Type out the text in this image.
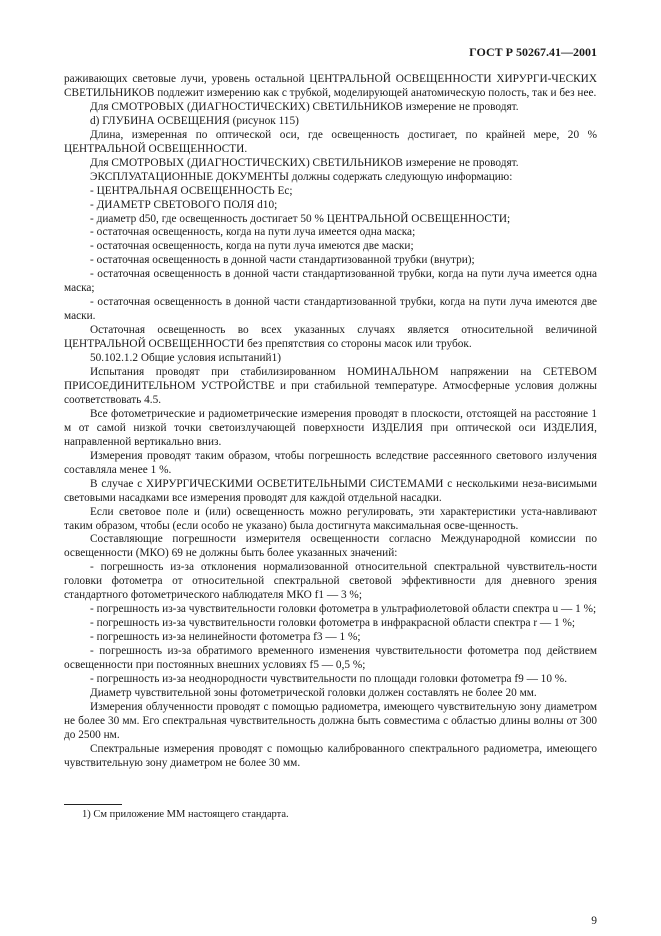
ГОСТ Р 50267.41—2001

раживающих световые лучи, уровень остальной ЦЕНТРАЛЬНОЙ ОСВЕЩЕННОСТИ ХИРУРГИ-ЧЕСКИХ СВЕТИЛЬНИКОВ подлежит измерению как с трубкой, моделирующей анатомическую полость, так и без нее.

Для СМОТРОВЫХ (ДИАГНОСТИЧЕСКИХ) СВЕТИЛЬНИКОВ измерение не проводят.

d) ГЛУБИНА ОСВЕЩЕНИЯ (рисунок 115)

Длина, измеренная по оптической оси, где освещенность достигает, по крайней мере, 20 % ЦЕНТРАЛЬНОЙ ОСВЕЩЕННОСТИ.

Для СМОТРОВЫХ (ДИАГНОСТИЧЕСКИХ) СВЕТИЛЬНИКОВ измерение не проводят.

ЭКСПЛУАТАЦИОННЫЕ ДОКУМЕНТЫ должны содержать следующую информацию:

- ЦЕНТРАЛЬНАЯ ОСВЕЩЕННОСТЬ Ec;

- ДИАМЕТР СВЕТОВОГО ПОЛЯ d10;

- диаметр d50, где освещенность достигает 50 % ЦЕНТРАЛЬНОЙ ОСВЕЩЕННОСТИ;

- остаточная освещенность, когда на пути луча имеется одна маска;

- остаточная освещенность, когда на пути луча имеются две маски;

- остаточная освещенность в донной части стандартизованной трубки (внутри);

- остаточная освещенность в донной части стандартизованной трубки, когда на пути луча имеется одна маска;

- остаточная освещенность в донной части стандартизованной трубки, когда на пути луча имеются две маски.

Остаточная освещенность во всех указанных случаях является относительной величиной ЦЕНТРАЛЬНОЙ ОСВЕЩЕННОСТИ без препятствия со стороны масок или трубок.

50.102.1.2 Общие условия испытаний1)

Испытания проводят при стабилизированном НОМИНАЛЬНОМ напряжении на СЕТЕВОМ ПРИСОЕДИНИТЕЛЬНОМ УСТРОЙСТВЕ и при стабильной температуре. Атмосферные условия должны соответствовать 4.5.

Все фотометрические и радиометрические измерения проводят в плоскости, отстоящей на расстояние 1 м от самой низкой точки светоизлучающей поверхности ИЗДЕЛИЯ при оптической оси ИЗДЕЛИЯ, направленной вертикально вниз.

Измерения проводят таким образом, чтобы погрешность вследствие рассеянного светового излучения составляла менее 1 %.

В случае с ХИРУРГИЧЕСКИМИ ОСВЕТИТЕЛЬНЫМИ СИСТЕМАМИ с несколькими неза-висимыми световыми насадками все измерения проводят для каждой отдельной насадки.

Если световое поле и (или) освещенность можно регулировать, эти характеристики уста-навливают таким образом, чтобы (если особо не указано) была достигнута максимальная осве-щенность.

Составляющие погрешности измерителя освещенности согласно Международной комиссии по освещенности (МКО) 69 не должны быть более указанных значений:

- погрешность из-за отклонения нормализованной относительной спектральной чувствитель-ности головки фотометра от относительной спектральной световой эффективности для дневного зрения стандартного фотометрического наблюдателя МКО f1 — 3 %;

- погрешность из-за чувствительности головки фотометра в ультрафиолетовой области спектра u — 1 %;

- погрешность из-за чувствительности головки фотометра в инфракрасной области спектра r — 1 %;

- погрешность из-за нелинейности фотометра f3 — 1 %;

- погрешность из-за обратимого временного изменения чувствительности фотометра под действием освещенности при постоянных внешних условиях f5 — 0,5 %;

- погрешность из-за неоднородности чувствительности по площади головки фотометра f9 — 10 %.

Диаметр чувствительной зоны фотометрической головки должен составлять не более 20 мм.

Измерения облученности проводят с помощью радиометра, имеющего чувствительную зону диаметром не более 30 мм. Его спектральная чувствительность должна быть совместима с областью длины волны от 300 до 2500 нм.

Спектральные измерения проводят с помощью калиброванного спектрального радиометра, имеющего чувствительную зону диаметром не более 30 мм.

1) См приложение ММ настоящего стандарта.
9
